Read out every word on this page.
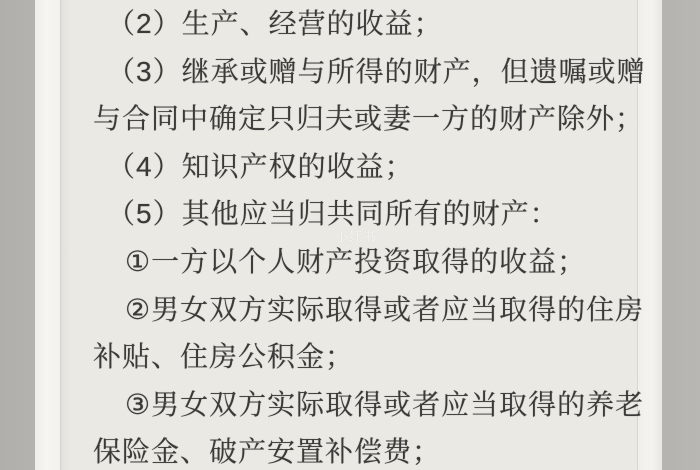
（2）生产、经营的收益；
（3）继承或赠与所得的财产，但遗嘱或赠
与合同中确定只归夫或妻一方的财产除外；
（4）知识产权的收益；
（5）其他应当归共同所有的财产：
①一方以个人财产投资取得的收益；
②男女双方实际取得或者应当取得的住房
补贴、住房公积金；
③男女双方实际取得或者应当取得的养老
保险金、破产安置补偿费；
小红书
